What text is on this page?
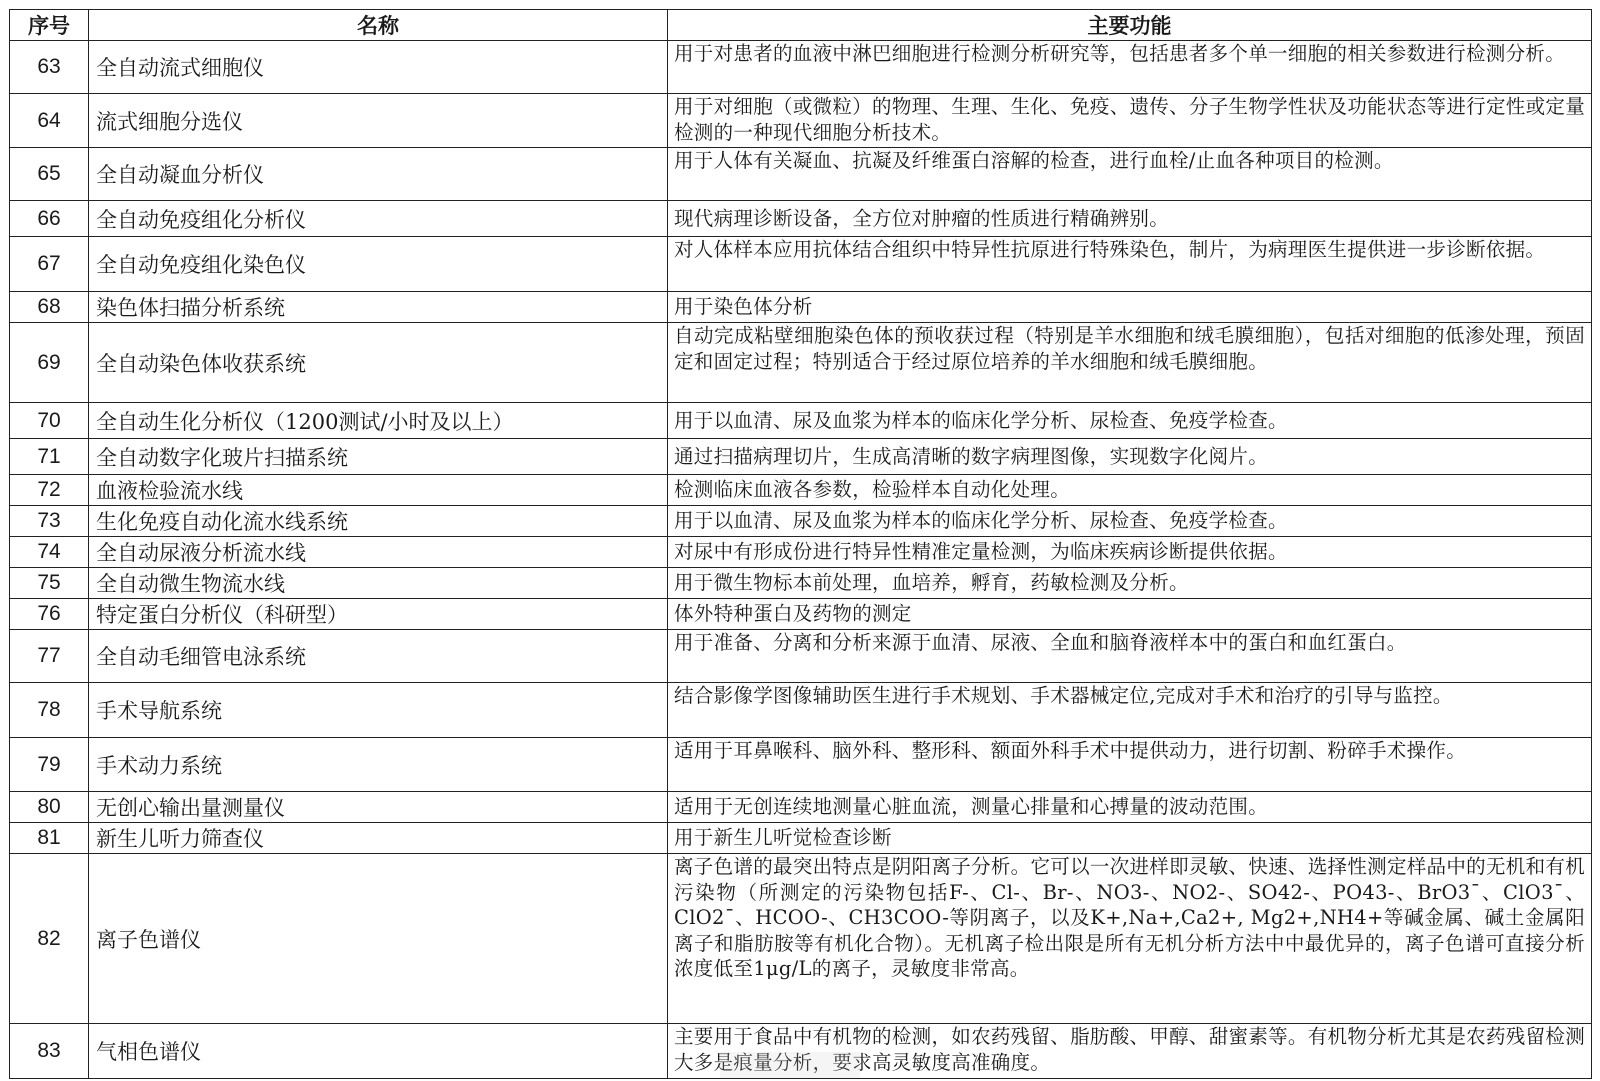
序号	名称	主要功能
63	全自动流式细胞仪	用于对患者的血液中淋巴细胞进行检测分析研究等，包括患者多个单一细胞的相关参数进行检测分析。
64	流式细胞分选仪	用于对细胞（或微粒）的物理、生理、生化、免疫、遗传、分子生物学性状及功能状态等进行定性或定量检测的一种现代细胞分析技术。
65	全自动凝血分析仪	用于人体有关凝血、抗凝及纤维蛋白溶解的检查，进行血栓/止血各种项目的检测。
66	全自动免疫组化分析仪	现代病理诊断设备，全方位对肿瘤的性质进行精确辨别。
67	全自动免疫组化染色仪	对人体样本应用抗体结合组织中特异性抗原进行特殊染色，制片，为病理医生提供进一步诊断依据。
68	染色体扫描分析系统	用于染色体分析
69	全自动染色体收获系统	自动完成粘壁细胞染色体的预收获过程（特别是羊水细胞和绒毛膜细胞），包括对细胞的低渗处理，预固定和固定过程；特别适合于经过原位培养的羊水细胞和绒毛膜细胞。
70	全自动生化分析仪（1200测试/小时及以上）	用于以血清、尿及血浆为样本的临床化学分析、尿检查、免疫学检查。
71	全自动数字化玻片扫描系统	通过扫描病理切片，生成高清晰的数字病理图像，实现数字化阅片。
72	血液检验流水线	检测临床血液各参数，检验样本自动化处理。
73	生化免疫自动化流水线系统	用于以血清、尿及血浆为样本的临床化学分析、尿检查、免疫学检查。
74	全自动尿液分析流水线	对尿中有形成份进行特异性精准定量检测，为临床疾病诊断提供依据。
75	全自动微生物流水线	用于微生物标本前处理，血培养，孵育，药敏检测及分析。
76	特定蛋白分析仪（科研型）	体外特种蛋白及药物的测定
77	全自动毛细管电泳系统	用于准备、分离和分析来源于血清、尿液、全血和脑脊液样本中的蛋白和血红蛋白。
78	手术导航系统	结合影像学图像辅助医生进行手术规划、手术器械定位,完成对手术和治疗的引导与监控。
79	手术动力系统	适用于耳鼻喉科、脑外科、整形科、额面外科手术中提供动力，进行切割、粉碎手术操作。
80	无创心输出量测量仪	适用于无创连续地测量心脏血流，测量心排量和心搏量的波动范围。
81	新生儿听力筛查仪	用于新生儿听觉检查诊断
82	离子色谱仪	离子色谱的最突出特点是阴阳离子分析。它可以一次进样即灵敏、快速、选择性测定样品中的无机和有机污染物（所测定的污染物包括F-、Cl-、Br-、NO3-、NO2-、SO42-、PO43-、BrO3¯、ClO3¯、ClO2¯、HCOO-、CH3COO-等阴离子，以及K+,Na+,Ca2+, Mg2+,NH4+等碱金属、碱土金属阳离子和脂肪胺等有机化合物）。无机离子检出限是所有无机分析方法中中最优异的，离子色谱可直接分析浓度低至1μg/L的离子，灵敏度非常高。
83	气相色谱仪	主要用于食品中有机物的检测，如农药残留、脂肪酸、甲醇、甜蜜素等。有机物分析尤其是农药残留检测大多是痕量分析，要求高灵敏度高准确度。
